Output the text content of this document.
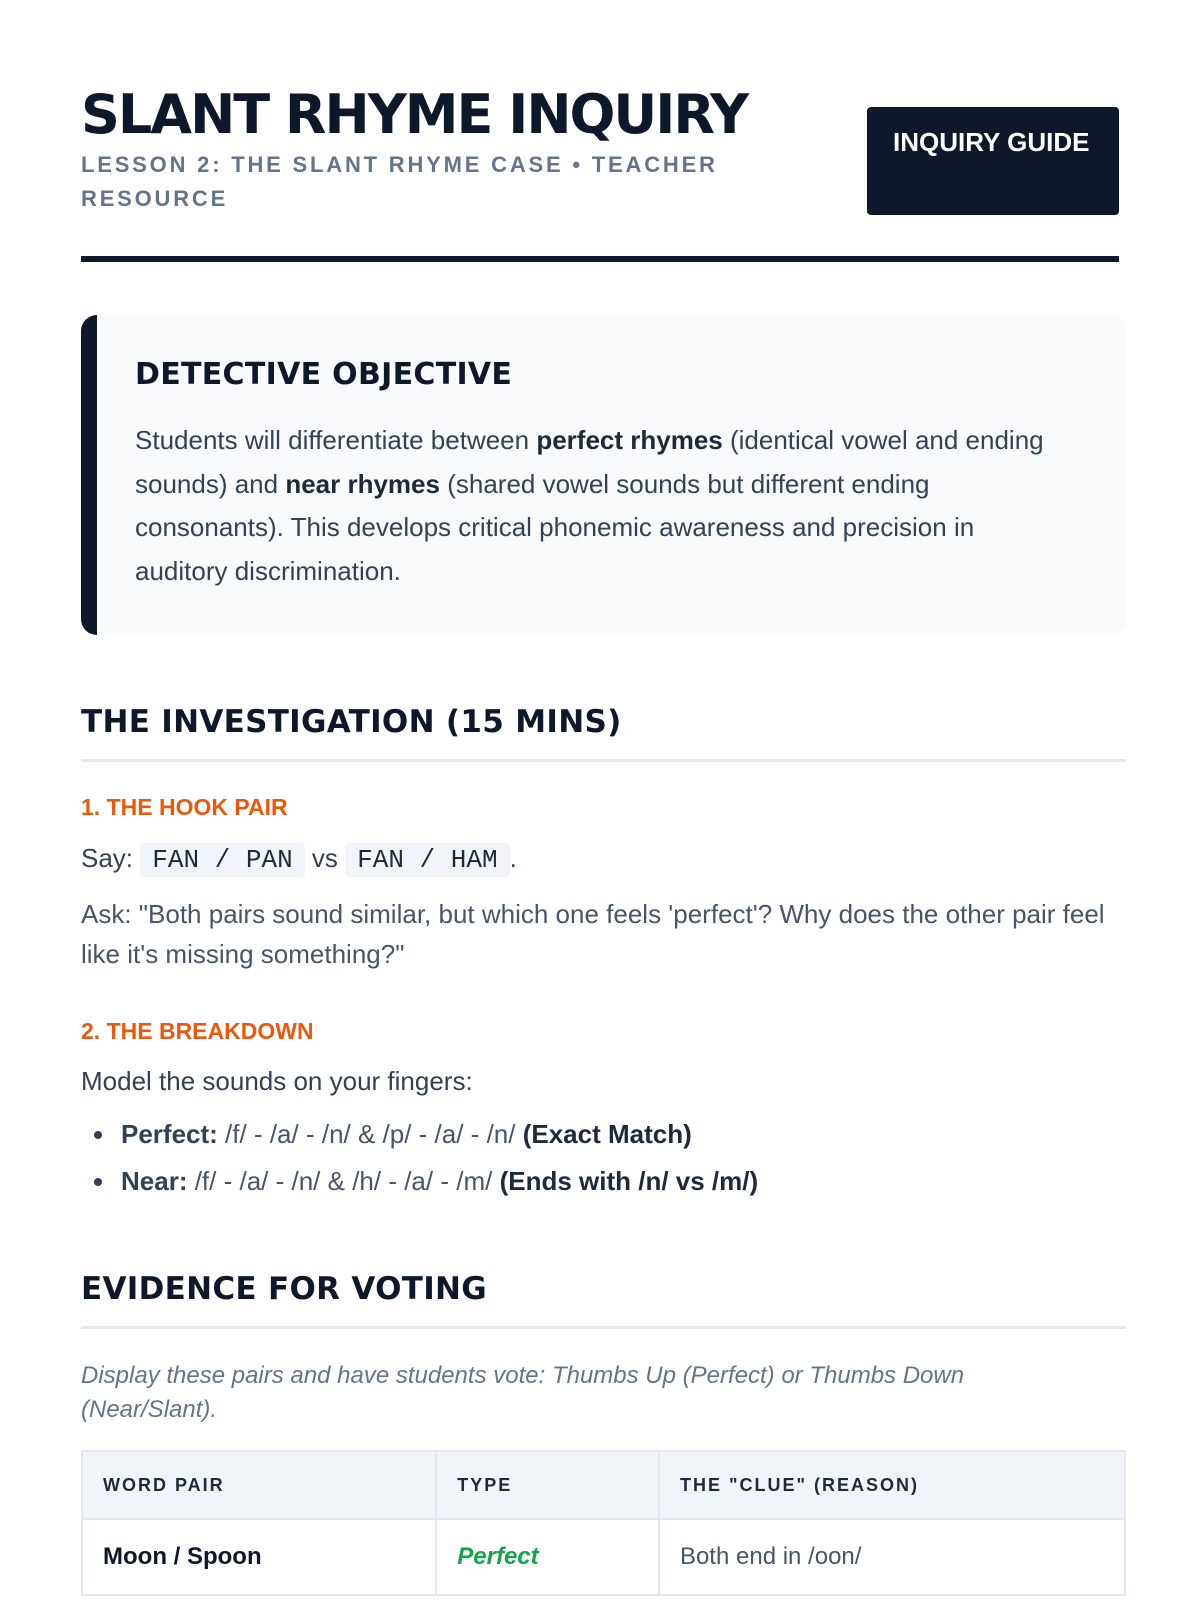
SLANT RHYME INQUIRY
LESSON 2: THE SLANT RHYME CASE • TEACHER RESOURCE
INQUIRY GUIDE
DETECTIVE OBJECTIVE

Students will differentiate between perfect rhymes (identical vowel and ending sounds) and near rhymes (shared vowel sounds but different ending consonants). This develops critical phonemic awareness and precision in auditory discrimination.

THE INVESTIGATION (15 MINS)
1. THE HOOK PAIR
Say: FAN / PAN vs FAN / HAM .
Ask: "Both pairs sound similar, but which one feels 'perfect'? Why does the other pair feel like it's missing something?"
2. THE BREAKDOWN
Model the sounds on your fingers:
Perfect: /f/ - /a/ - /n/ & /p/ - /a/ - /n/ (Exact Match)
Near: /f/ - /a/ - /n/ & /h/ - /a/ - /m/ (Ends with /n/ vs /m/)
EVIDENCE FOR VOTING
Display these pairs and have students vote: Thumbs Up (Perfect) or Thumbs Down (Near/Slant).
WORD PAIR	TYPE	THE "CLUE" (REASON)
Moon / Spoon	Perfect	Both end in /oon/
